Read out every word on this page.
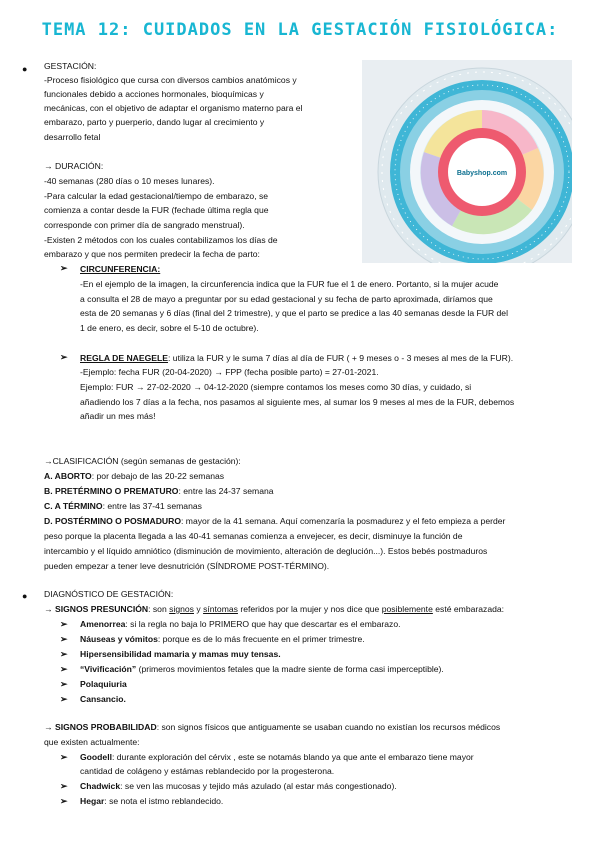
TEMA 12: CUIDADOS EN LA GESTACIÓN FISIOLÓGICA:
Babyshop.com
● GESTACIÓN:
-Proceso fisiológico que cursa con diversos cambios anatómicos y
funcionales debido a acciones hormonales, bioquímicas y
mecánicas, con el objetivo de adaptar el organismo materno para el
embarazo, parto y puerperio, dando lugar al crecimiento y
desarrollo fetal
→ DURACIÓN:
-40 semanas (280 días o 10 meses lunares).
-Para calcular la edad gestacional/tiempo de embarazo, se
comienza a contar desde la FUR (fechade última regla que
corresponde con primer día de sangrado menstrual).
-Existen 2 métodos con los cuales contabilizamos los días de
embarazo y que nos permiten predecir la fecha de parto:
➢ CIRCUNFERENCIA:
-En el ejemplo de la imagen, la circunferencia indica que la FUR fue el 1 de enero. Portanto, si la mujer acude
a consulta el 28 de mayo a preguntar por su edad gestacional y su fecha de parto aproximada, diríamos que
esta de 20 semanas y 6 días (final del 2 trimestre), y que el parto se predice a las 40 semanas desde la FUR del
1 de enero, es decir, sobre el 5-10 de octubre).
➢ REGLA DE NAEGELE: utiliza la FUR y le suma 7 días al día de FUR ( + 9 meses o - 3 meses al mes de la FUR).
-Ejemplo: fecha FUR (20-04-2020) → FPP (fecha posible parto) = 27-01-2021.
Ejemplo: FUR → 27-02-2020 → 04-12-2020 (siempre contamos los meses como 30 días, y cuidado, si
añadiendo los 7 días a la fecha, nos pasamos al siguiente mes, al sumar los 9 meses al mes de la FUR, debemos
añadir un mes más!
→CLASIFICACIÓN (según semanas de gestación):
A. ABORTO: por debajo de las 20-22 semanas
B. PRETÉRMINO O PREMATURO: entre las 24-37 semana
C. A TÉRMINO: entre las 37-41 semanas
D. POSTÉRMINO O POSMADURO: mayor de la 41 semana. Aquí comenzaría la posmadurez y el feto empieza a perder
peso porque la placenta llegada a las 40-41 semanas comienza a envejecer, es decir, disminuye la función de
intercambio y el líquido amniótico (disminución de movimiento, alteración de deglución...). Estos bebés postmaduros
pueden empezar a tener leve desnutrición (SÍNDROME POST-TÉRMINO).
● DIAGNÓSTICO DE GESTACIÓN:
→ SIGNOS PRESUNCIÓN: son signos y síntomas referidos por la mujer y nos dice que posiblemente esté embarazada:
➢ Amenorrea: si la regla no baja lo PRIMERO que hay que descartar es el embarazo.
➢ Náuseas y vómitos: porque es de lo más frecuente en el primer trimestre.
➢ Hipersensibilidad mamaria y mamas muy tensas.
➢ “Vivificación” (primeros movimientos fetales que la madre siente de forma casi imperceptible).
➢ Polaquiuria
➢ Cansancio.
→ SIGNOS PROBABILIDAD: son signos físicos que antiguamente se usaban cuando no existían los recursos médicos
que existen actualmente:
➢ Goodell: durante exploración del cérvix , este se notamás blando ya que ante el embarazo tiene mayor
cantidad de colágeno y estámas reblandecido por la progesterona.
➢ Chadwick: se ven las mucosas y tejido más azulado (al estar más congestionado).
➢ Hegar: se nota el istmo reblandecido.
